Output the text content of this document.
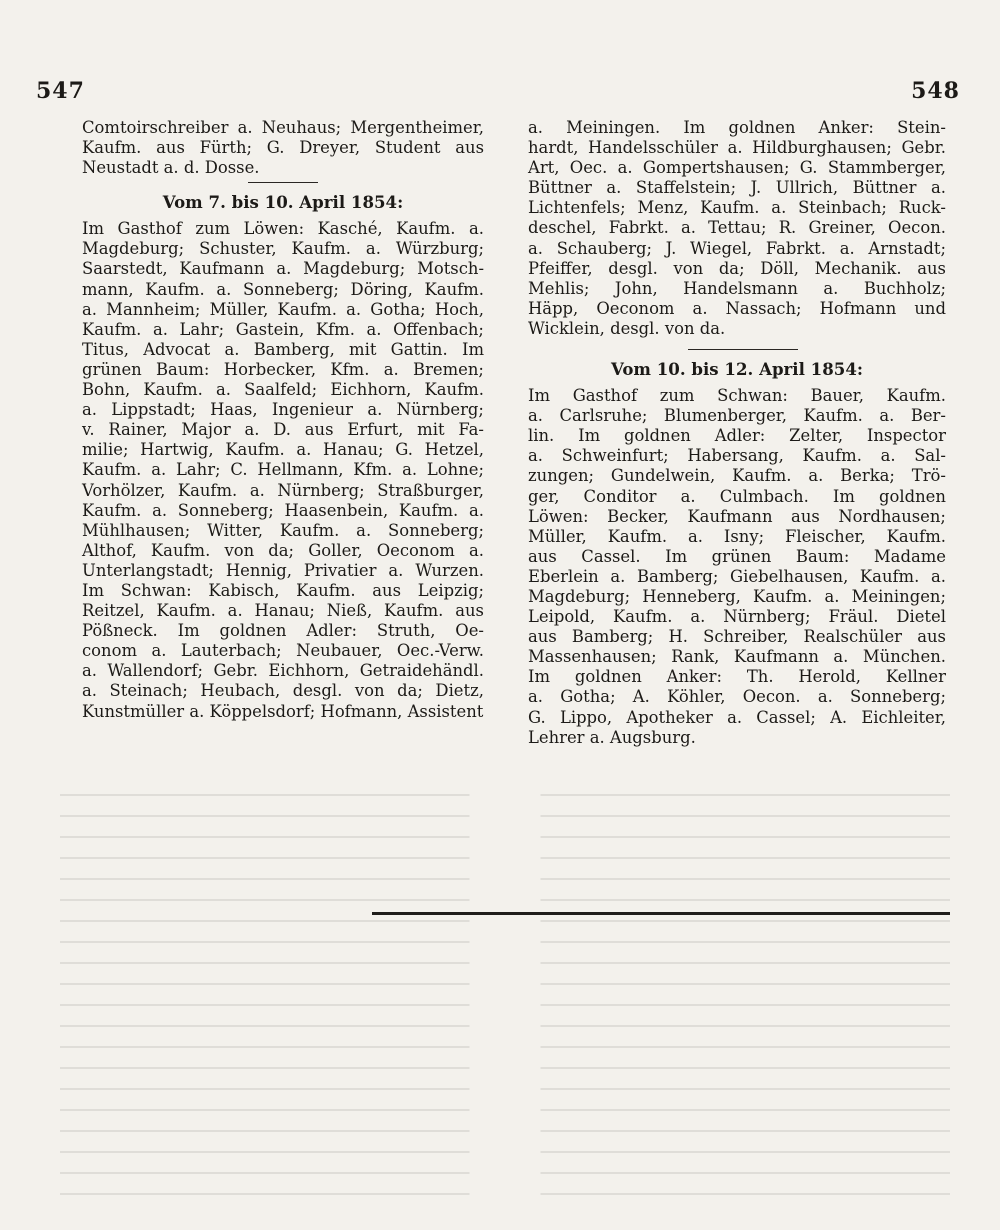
547	548
Comtoirschreiber a. Neuhaus; Mergentheimer,
Kaufm. aus Fürth; G. Dreyer, Student aus
Neustadt a. d. Dosse.
Vom 7. bis 10. April 1854:
Im Gasthof zum Löwen: Kasché, Kaufm. a.
Magdeburg; Schuster, Kaufm. a. Würzburg;
Saarstedt, Kaufmann a. Magdeburg; Motsch-
mann, Kaufm. a. Sonneberg; Döring, Kaufm.
a. Mannheim; Müller, Kaufm. a. Gotha; Hoch,
Kaufm. a. Lahr; Gastein, Kfm. a. Offenbach;
Titus, Advocat a. Bamberg, mit Gattin. Im
grünen Baum: Horbecker, Kfm. a. Bremen;
Bohn, Kaufm. a. Saalfeld; Eichhorn, Kaufm.
a. Lippstadt; Haas, Ingenieur a. Nürnberg;
v. Rainer, Major a. D. aus Erfurt, mit Fa-
milie; Hartwig, Kaufm. a. Hanau; G. Hetzel,
Kaufm. a. Lahr; C. Hellmann, Kfm. a. Lohne;
Vorhölzer, Kaufm. a. Nürnberg; Straßburger,
Kaufm. a. Sonneberg; Haasenbein, Kaufm. a.
Mühlhausen; Witter, Kaufm. a. Sonneberg;
Althof, Kaufm. von da; Goller, Oeconom a.
Unterlangstadt; Hennig, Privatier a. Wurzen.
Im Schwan: Kabisch, Kaufm. aus Leipzig;
Reitzel, Kaufm. a. Hanau; Nieß, Kaufm. aus
Pößneck. Im goldnen Adler: Struth, Oe-
conom a. Lauterbach; Neubauer, Oec.-Verw.
a. Wallendorf; Gebr. Eichhorn, Getraidehändl.
a. Steinach; Heubach, desgl. von da; Dietz,
Kunstmüller a. Köppelsdorf; Hofmann, Assistent
a. Meiningen. Im goldnen Anker: Stein-
hardt, Handelsschüler a. Hildburghausen; Gebr.
Art, Oec. a. Gompertshausen; G. Stammberger,
Büttner a. Staffelstein; J. Ullrich, Büttner a.
Lichtenfels; Menz, Kaufm. a. Steinbach; Ruck-
deschel, Fabrkt. a. Tettau; R. Greiner, Oecon.
a. Schauberg; J. Wiegel, Fabrkt. a. Arnstadt;
Pfeiffer, desgl. von da; Döll, Mechanik. aus
Mehlis; John, Handelsmann a. Buchholz;
Häpp, Oeconom a. Nassach; Hofmann und
Wicklein, desgl. von da.
Vom 10. bis 12. April 1854:
Im Gasthof zum Schwan: Bauer, Kaufm.
a. Carlsruhe; Blumenberger, Kaufm. a. Ber-
lin. Im goldnen Adler: Zelter, Inspector
a. Schweinfurt; Habersang, Kaufm. a. Sal-
zungen; Gundelwein, Kaufm. a. Berka; Trö-
ger, Conditor a. Culmbach. Im goldnen
Löwen: Becker, Kaufmann aus Nordhausen;
Müller, Kaufm. a. Isny; Fleischer, Kaufm.
aus Cassel. Im grünen Baum: Madame
Eberlein a. Bamberg; Giebelhausen, Kaufm. a.
Magdeburg; Henneberg, Kaufm. a. Meiningen;
Leipold, Kaufm. a. Nürnberg; Fräul. Dietel
aus Bamberg; H. Schreiber, Realschüler aus
Massenhausen; Rank, Kaufmann a. München.
Im goldnen Anker: Th. Herold, Kellner
a. Gotha; A. Köhler, Oecon. a. Sonneberg;
G. Lippo, Apotheker a. Cassel; A. Eichleiter,
Lehrer a. Augsburg.
